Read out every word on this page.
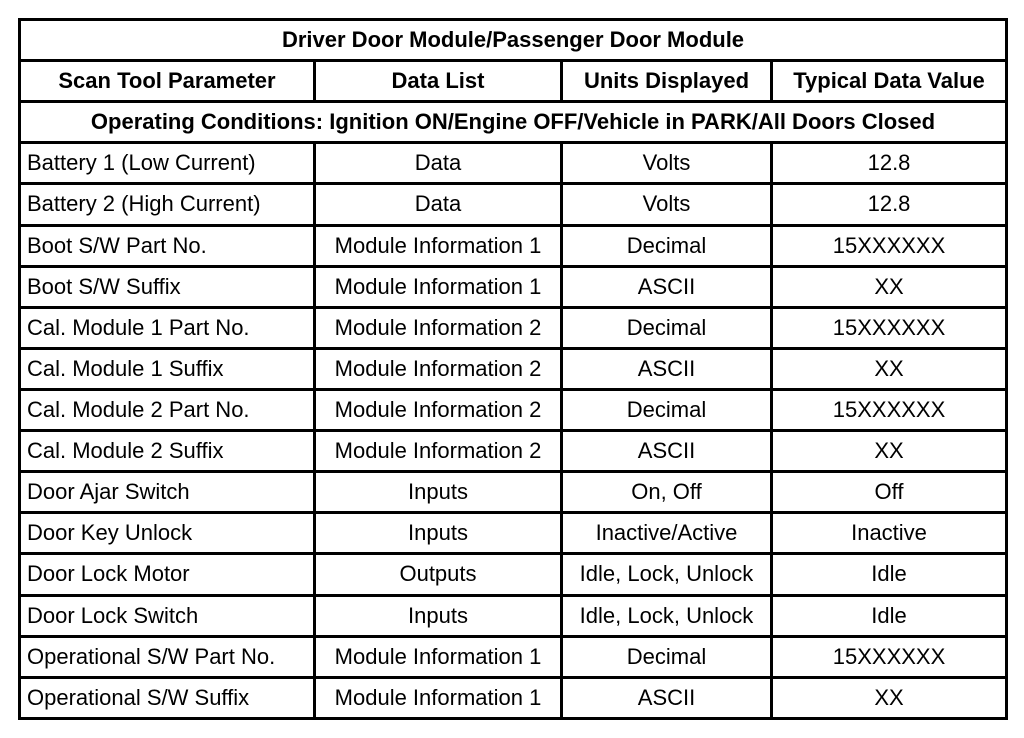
Driver Door Module/Passenger Door Module			
Scan Tool Parameter	Data List	Units Displayed	Typical Data Value
Operating Conditions: Ignition ON/Engine OFF/Vehicle in PARK/All Doors Closed			
Battery 1 (Low Current)	Data	Volts	12.8
Battery 2 (High Current)	Data	Volts	12.8
Boot S/W Part No.	Module Information 1	Decimal	15XXXXXX
Boot S/W Suffix	Module Information 1	ASCII	XX
Cal. Module 1 Part No.	Module Information 2	Decimal	15XXXXXX
Cal. Module 1 Suffix	Module Information 2	ASCII	XX
Cal. Module 2 Part No.	Module Information 2	Decimal	15XXXXXX
Cal. Module 2 Suffix	Module Information 2	ASCII	XX
Door Ajar Switch	Inputs	On, Off	Off
Door Key Unlock	Inputs	Inactive/Active	Inactive
Door Lock Motor	Outputs	Idle, Lock, Unlock	Idle
Door Lock Switch	Inputs	Idle, Lock, Unlock	Idle
Operational S/W Part No.	Module Information 1	Decimal	15XXXXXX
Operational S/W Suffix	Module Information 1	ASCII	XX
